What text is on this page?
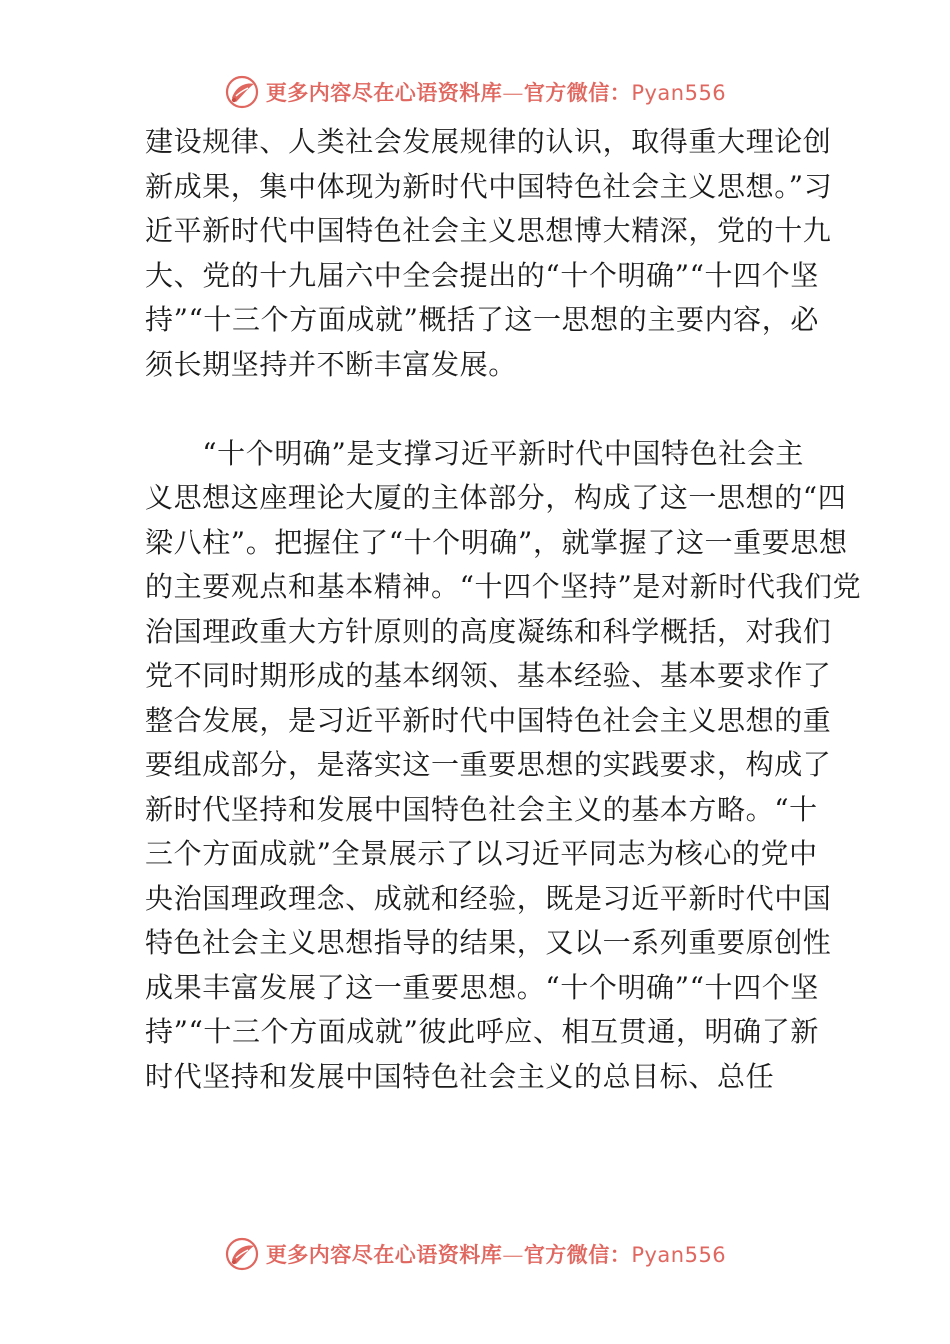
更多内容尽在心语资料库—官方微信：Pyan556
建设规律、人类社会发展规律的认识，取得重大理论创
新成果，集中体现为新时代中国特色社会主义思想。”习
近平新时代中国特色社会主义思想博大精深，党的十九
大、党的十九届六中全会提出的“十个明确”“十四个坚
持”“十三个方面成就”概括了这一思想的主要内容，必
须长期坚持并不断丰富发展。
　　“十个明确”是支撑习近平新时代中国特色社会主
义思想这座理论大厦的主体部分，构成了这一思想的“四
梁八柱”。把握住了“十个明确”，就掌握了这一重要思想
的主要观点和基本精神。“十四个坚持”是对新时代我们党
治国理政重大方针原则的高度凝练和科学概括，对我们
党不同时期形成的基本纲领、基本经验、基本要求作了
整合发展，是习近平新时代中国特色社会主义思想的重
要组成部分，是落实这一重要思想的实践要求，构成了
新时代坚持和发展中国特色社会主义的基本方略。“十
三个方面成就”全景展示了以习近平同志为核心的党中
央治国理政理念、成就和经验，既是习近平新时代中国
特色社会主义思想指导的结果，又以一系列重要原创性
成果丰富发展了这一重要思想。“十个明确”“十四个坚
持”“十三个方面成就”彼此呼应、相互贯通，明确了新
时代坚持和发展中国特色社会主义的总目标、总任
更多内容尽在心语资料库—官方微信：Pyan556
